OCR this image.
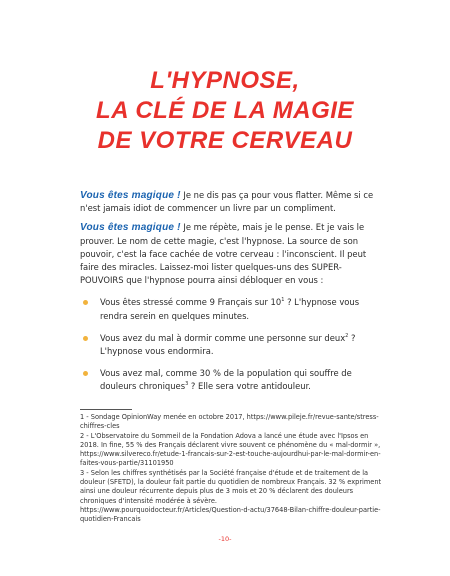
L'HYPNOSE,
LA CLÉ DE LA MAGIE
DE VOTRE CERVEAU

Vous êtes magique ! Je ne dis pas ça pour vous flatter. Même si ce n'est jamais idiot de commencer un livre par un compliment.

Vous êtes magique ! Je me répète, mais je le pense. Et je vais le prouver. Le nom de cette magie, c'est l'hypnose. La source de son pouvoir, c'est la face cachée de votre cerveau : l'inconscient. Il peut faire des miracles. Laissez-moi lister quelques-uns des SUPER-POUVOIRS que l'hypnose pourra ainsi débloquer en vous :

Vous êtes stressé comme 9 Français sur $10^1$ ? L'hypnose vous rendra serein en quelques minutes.
Vous avez du mal à dormir comme une personne sur deux$^2$ ? L'hypnose vous endormira.
Vous avez mal, comme 30 % de la population qui souffre de douleurs chroniques$^3$ ? Elle sera votre antidouleur.

1 - Sondage OpinionWay menée en octobre 2017, https://www.pileje.fr/revue-sante/stress-chiffres-cles

2 - L'Observatoire du Sommeil de la Fondation Adova a lancé une étude avec l'Ipsos en 2018. In fine, 55 % des Français déclarent vivre souvent ce phénomène du « mal-dormir », https://www.silvereco.fr/etude-1-francais-sur-2-est-touche-aujourdhui-par-le-mal-dormir-en-faites-vous-partie/31101950

3 - Selon les chiffres synthétisés par la Société française d'étude et de traitement de la douleur (SFETD), la douleur fait partie du quotidien de nombreux Français. 32 % expriment ainsi une douleur récurrente depuis plus de 3 mois et 20 % déclarent des douleurs chroniques d'intensité modérée à sévère. https://www.pourquoidocteur.fr/Articles/Question-d-actu/37648-Bilan-chiffre-douleur-partie-quotidien-Francais

-10-
